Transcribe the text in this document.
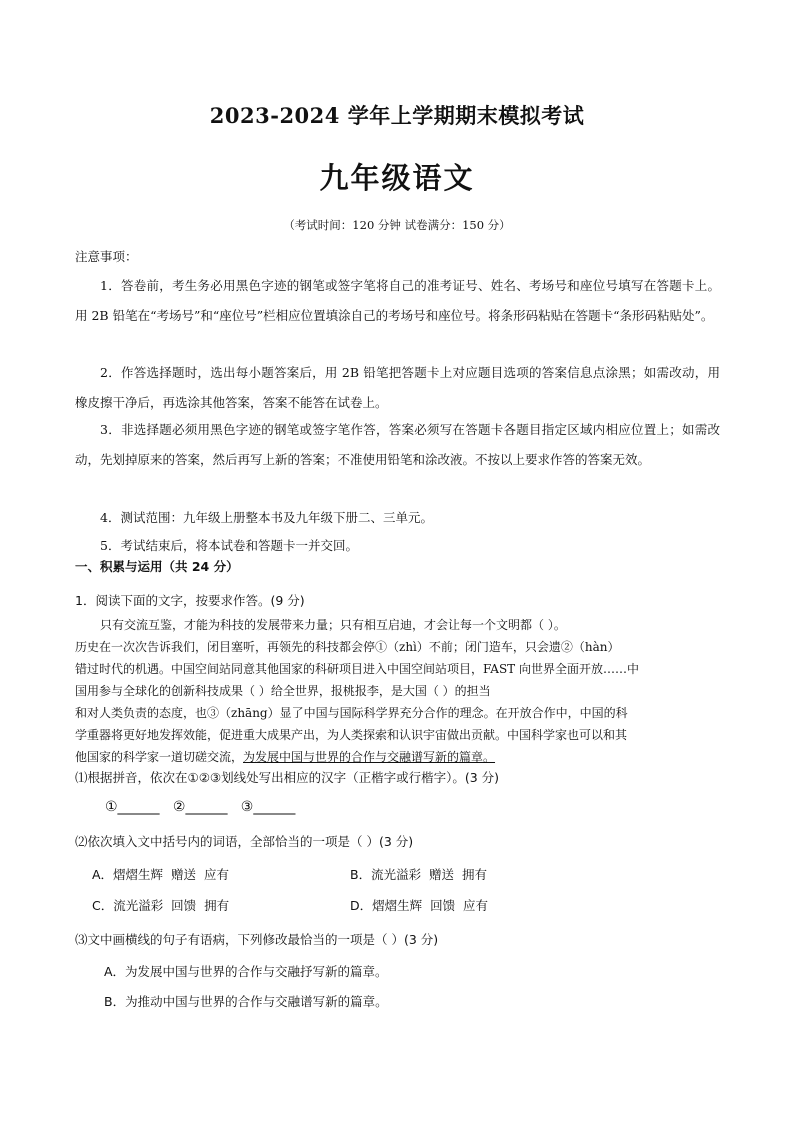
2023-2024 学年上学期期末模拟考试
九年级语文
（考试时间：120 分钟 试卷满分：150 分）
注意事项：

1．答卷前，考生务必用黑色字迹的钢笔或签字笔将自己的准考证号、姓名、考场号和座位号填写在答题卡上。用 2B 铅笔在“考场号”和“座位号”栏相应位置填涂自己的考场号和座位号。将条形码粘贴在答题卡“条形码粘贴处”。

2．作答选择题时，选出每小题答案后，用 2B 铅笔把答题卡上对应题目选项的答案信息点涂黑；如需改动，用橡皮擦干净后，再选涂其他答案，答案不能答在试卷上。

3．非选择题必须用黑色字迹的钢笔或签字笔作答，答案必须写在答题卡各题目指定区域内相应位置上；如需改动，先划掉原来的答案，然后再写上新的答案；不准使用铅笔和涂改液。不按以上要求作答的答案无效。

4．测试范围：九年级上册整本书及九年级下册二、三单元。

5．考试结束后，将本试卷和答题卡一并交回。

一、积累与运用（共 24 分）
1．阅读下面的文字，按要求作答。(9 分)
只有交流互鉴，才能为科技的发展带来力量；只有相互启迪，才会让每一个文明都（ ）。
历史在一次次告诉我们，闭目塞听，再领先的科技都会停①（zhì）不前；闭门造车，只会遗②（hàn）
错过时代的机遇。中国空间站同意其他国家的科研项目进入中国空间站项目，FAST 向世界全面开放……中
国用参与全球化的创新科技成果（ ）给全世界，报桃报李，是大国（ ）的担当
和对人类负责的态度，也③（zhāng）显了中国与国际科学界充分合作的理念。在开放合作中，中国的科
学重器将更好地发挥效能，促进重大成果产出，为人类探索和认识宇宙做出贡献。中国科学家也可以和其
他国家的科学家一道切磋交流，为发展中国与世界的合作与交融谱写新的篇章。
⑴根据拼音，依次在①②③划线处写出相应的汉字（正楷字或行楷字）。(3 分)
①______   ②______   ③______
⑵依次填入文中括号内的词语，全部恰当的一项是（ ）(3 分)
A．熠熠生辉  赠送  应有	B．流光溢彩  赠送  拥有
C．流光溢彩  回馈  拥有	D．熠熠生辉  回馈  应有
⑶文中画横线的句子有语病，下列修改最恰当的一项是（ ）(3 分)
A．为发展中国与世界的合作与交融抒写新的篇章。
B．为推动中国与世界的合作与交融谱写新的篇章。
